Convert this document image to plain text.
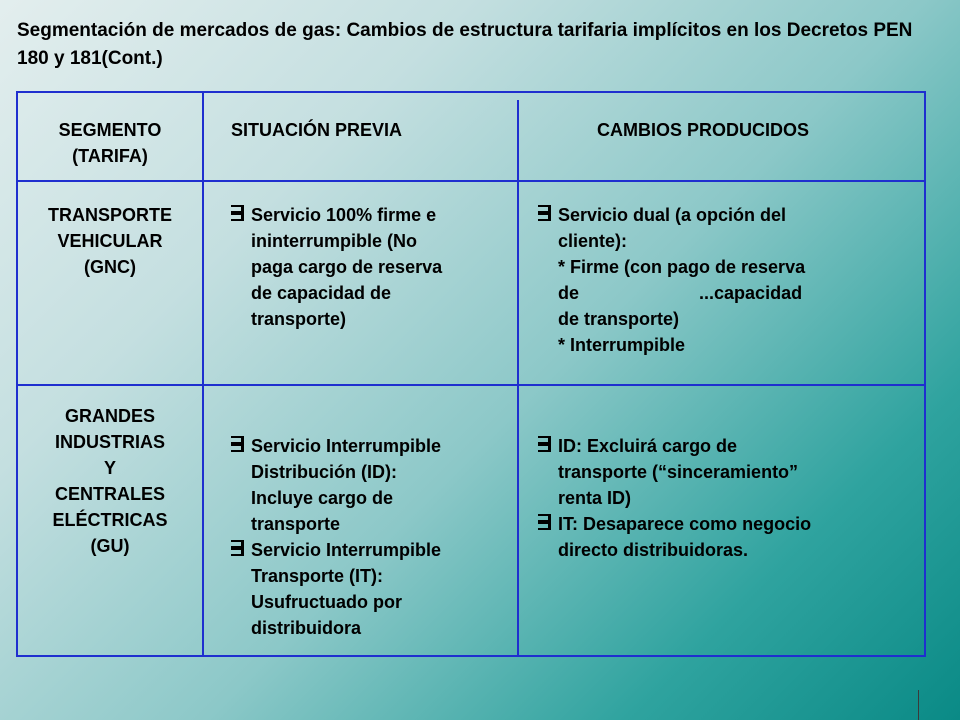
Segmentación de mercados de gas: Cambios de estructura tarifaria implícitos en los Decretos PEN 180 y 181(Cont.)
SEGMENTO
(TARIFA)
SITUACIÓN PREVIA	CAMBIOS PRODUCIDOS
TRANSPORTE
VEHICULAR
(GNC)
Servicio 100% firme e
ininterrumpible (No
paga cargo de reserva
de capacidad de
transporte)
Servicio dual (a opción del
cliente):
* Firme (con pago de reserva
de                        ...capacidad
de transporte)
* Interrumpible
GRANDES
INDUSTRIAS
Y
CENTRALES
ELÉCTRICAS
(GU)
Servicio Interrumpible
Distribución (ID):
Incluye cargo de
transporte
Servicio Interrumpible
Transporte (IT):
Usufructuado por
distribuidora
ID: Excluirá cargo de
transporte (“sinceramiento”
renta ID)
IT: Desaparece como negocio
directo distribuidoras.
